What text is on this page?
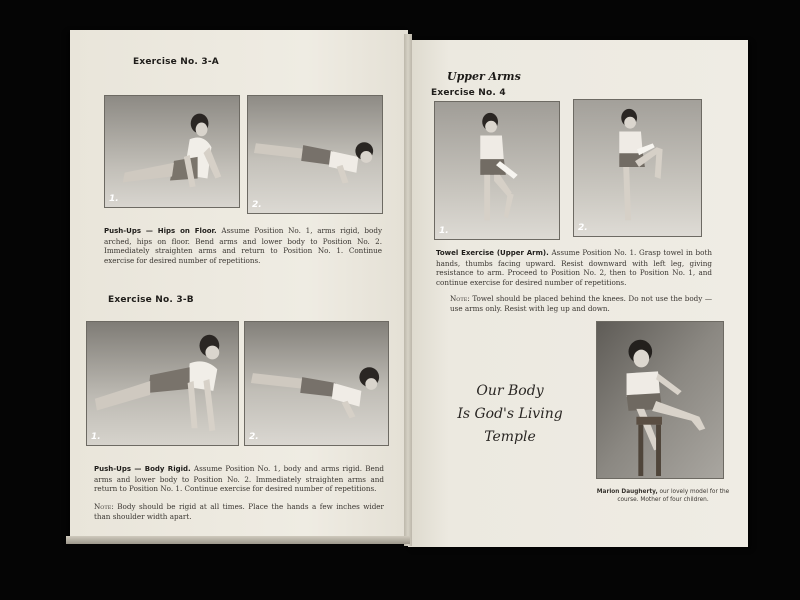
Exercise No. 3-A
1.
2.
Push-Ups — Hips on Floor. Assume Position No. 1, arms rigid, body arched, hips on floor. Bend arms and lower body to Position No. 2. Immediately straighten arms and return to Position No. 1. Continue exercise for desired number of repetitions.
Exercise No. 3-B
1.	2.
Push-Ups — Body Rigid. Assume Position No. 1, body and arms rigid. Bend arms and lower body to Position No. 2. Immediately straighten arms and return to Position No. 1. Continue exercise for desired number of repetitions.
Note: Body should be rigid at all times. Place the hands a few inches wider than shoulder width apart.
Upper Arms
Exercise No. 4
1.	2.
Towel Exercise (Upper Arm). Assume Position No. 1. Grasp towel in both hands, thumbs facing upward. Resist downward with left leg, giving resistance to arm. Proceed to Position No. 2, then to Position No. 1, and continue exercise for desired number of repetitions.
Note: Towel should be placed behind the knees. Do not use the body — use arms only. Resist with leg up and down.
Our Body
Is God's Living
Temple
Marion Daugherty, our lovely model for the course. Mother of four children.
